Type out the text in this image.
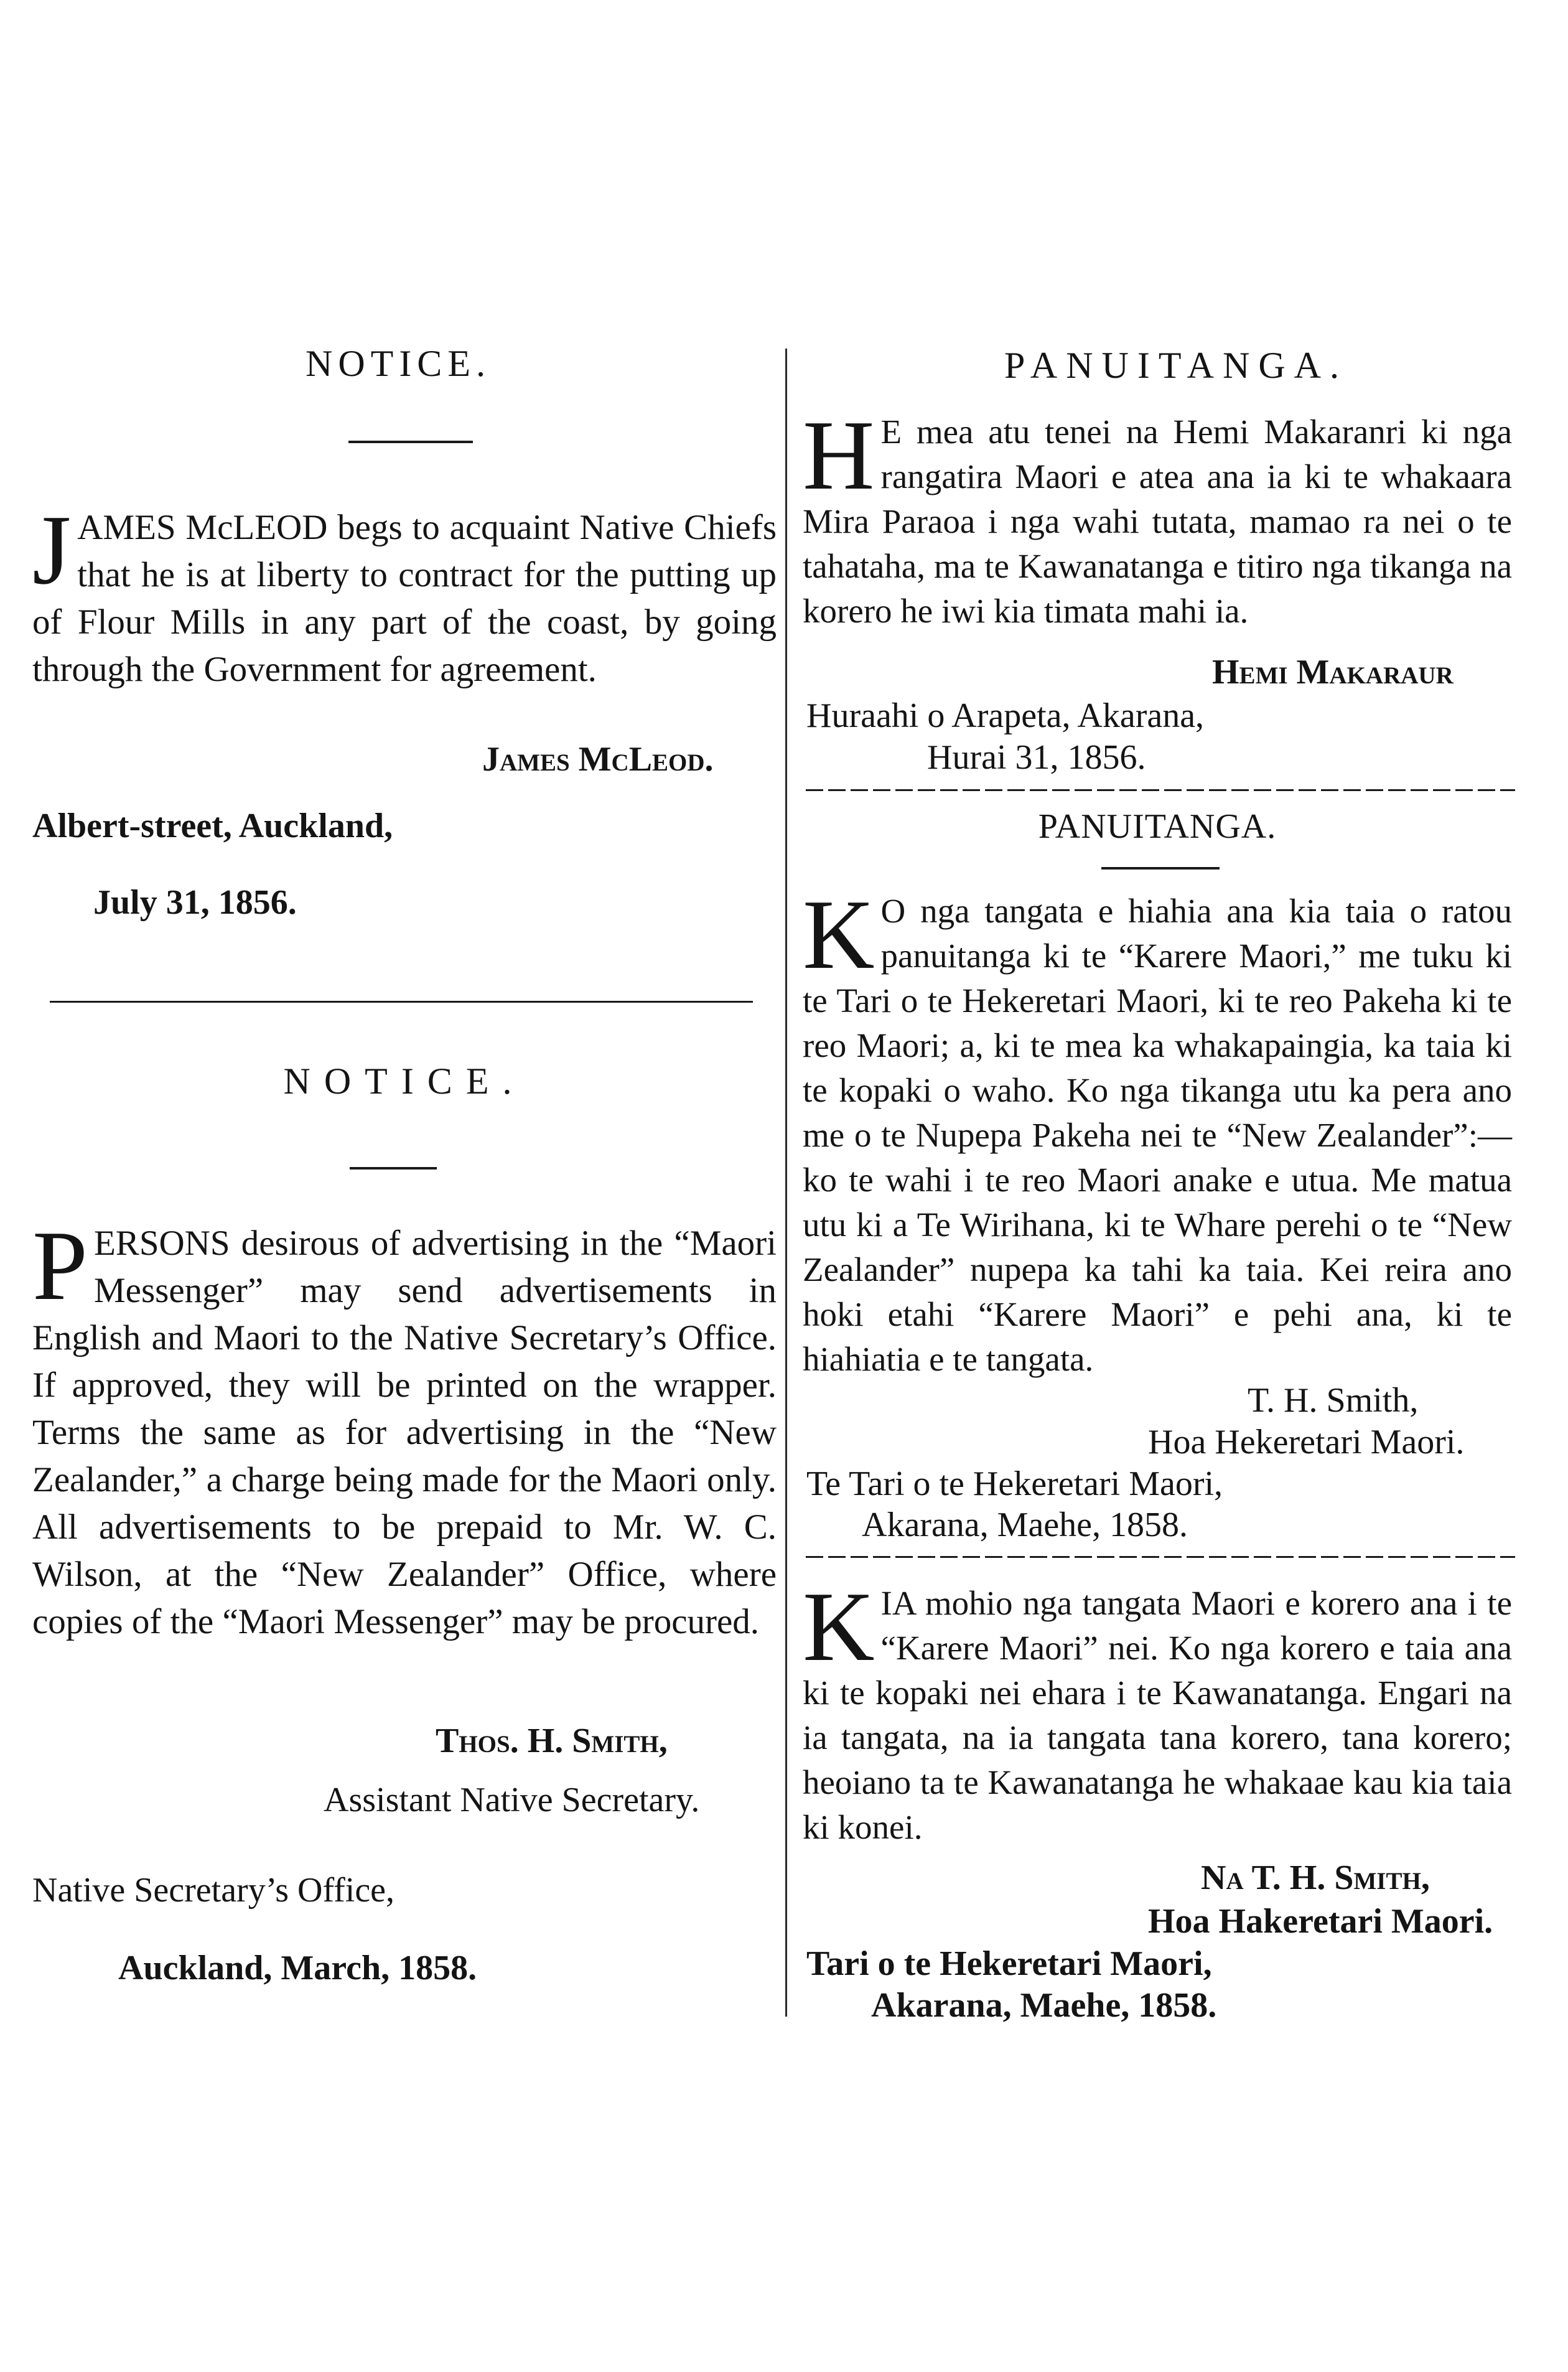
NOTICE.
JAMES McLEOD begs to acquaint Native Chiefs that he is at liberty to contract for the putting up of Flour Mills in any part of the coast, by going through the Government for agreement.
James McLeod.
Albert-street, Auckland,
July 31, 1856.
NOTICE.
PERSONS desirous of advertising in the “Maori Messenger” may send advertisements in English and Maori to the Native Secretary’s Office. If approved, they will be printed on the wrapper. Terms the same as for advertising in the “New Zealander,” a charge being made for the Maori only. All advertisements to be prepaid to Mr. W. C. Wilson, at the “New Zealander” Office, where copies of the “Maori Messenger” may be procured.
Thos. H. Smith,
Assistant Native Secretary.
Native Secretary’s Office,
Auckland, March, 1858.
PANUITANGA.
H E mea atu tenei na Hemi Makaranri ki nga rangatira Maori e atea ana ia ki te whakaara Mira Paraoa i nga wahi tutata, mamao ra nei o te tahataha, ma te Kawanatanga e titiro nga tikanga na korero he iwi kia timata mahi ia.
Hemi Makaraur
Huraahi o Arapeta, Akarana,
Hurai 31, 1856.
PANUITANGA.
K O nga tangata e hiahia ana kia taia o ratou panuitanga ki te “Karere Maori,” me tuku ki te Tari o te Hekeretari Maori, ki te reo Pakeha ki te reo Maori; a, ki te mea ka whakapaingia, ka taia ki te kopaki o waho. Ko nga tikanga utu ka pera ano me o te Nupepa Pakeha nei te “New Zealander”:—ko te wahi i te reo Maori anake e utua. Me matua utu ki a Te Wirihana, ki te Whare perehi o te “New Zealander” nupepa ka tahi ka taia. Kei reira ano hoki etahi “Karere Maori” e pehi ana, ki te hiahiatia e te tangata.
T. H. Smith,
Hoa Hekeretari Maori.
Te Tari o te Hekeretari Maori,
Akarana, Maehe, 1858.
KIA mohio nga tangata Maori e korero ana i te “Karere Maori” nei. Ko nga korero e taia ana ki te kopaki nei ehara i te Kawanatanga. Engari na ia tangata, na ia tangata tana korero, tana korero; heoiano ta te Kawanatanga he whakaae kau kia taia ki konei.
Na T. H. Smith,
Hoa Hakeretari Maori.
Tari o te Hekeretari Maori,
Akarana, Maehe, 1858.
